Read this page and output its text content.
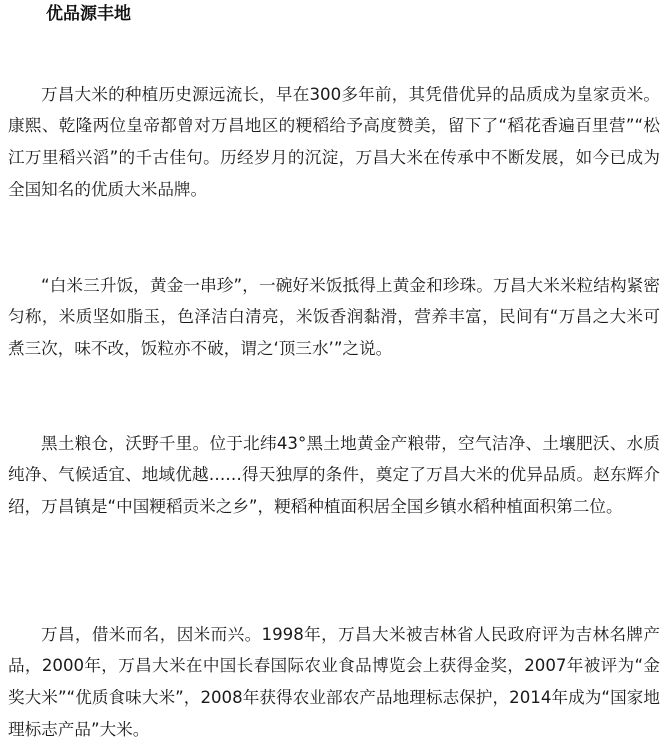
优品源丰地

万昌大米的种植历史源远流长，早在300多年前，其凭借优异的品质成为皇家贡米。康熙、乾隆两位皇帝都曾对万昌地区的粳稻给予高度赞美，留下了“稻花香遍百里营”“松江万里稻兴滔”的千古佳句。历经岁月的沉淀，万昌大米在传承中不断发展，如今已成为全国知名的优质大米品牌。

“白米三升饭，黄金一串珍”，一碗好米饭抵得上黄金和珍珠。万昌大米米粒结构紧密匀称，米质坚如脂玉，色泽洁白清亮，米饭香润黏滑，营养丰富，民间有“万昌之大米可煮三次，味不改，饭粒亦不破，谓之‘顶三水’”之说。

黑土粮仓，沃野千里。位于北纬43°黑土地黄金产粮带，空气洁净、土壤肥沃、水质纯净、气候适宜、地域优越……得天独厚的条件，奠定了万昌大米的优异品质。赵东辉介绍，万昌镇是“中国粳稻贡米之乡”，粳稻种植面积居全国乡镇水稻种植面积第二位。

万昌，借米而名，因米而兴。1998年，万昌大米被吉林省人民政府评为吉林名牌产品，2000年，万昌大米在中国长春国际农业食品博览会上获得金奖，2007年被评为“金奖大米”“优质食味大米”，2008年获得农业部农产品地理标志保护，2014年成为“国家地理标志产品”大米。
